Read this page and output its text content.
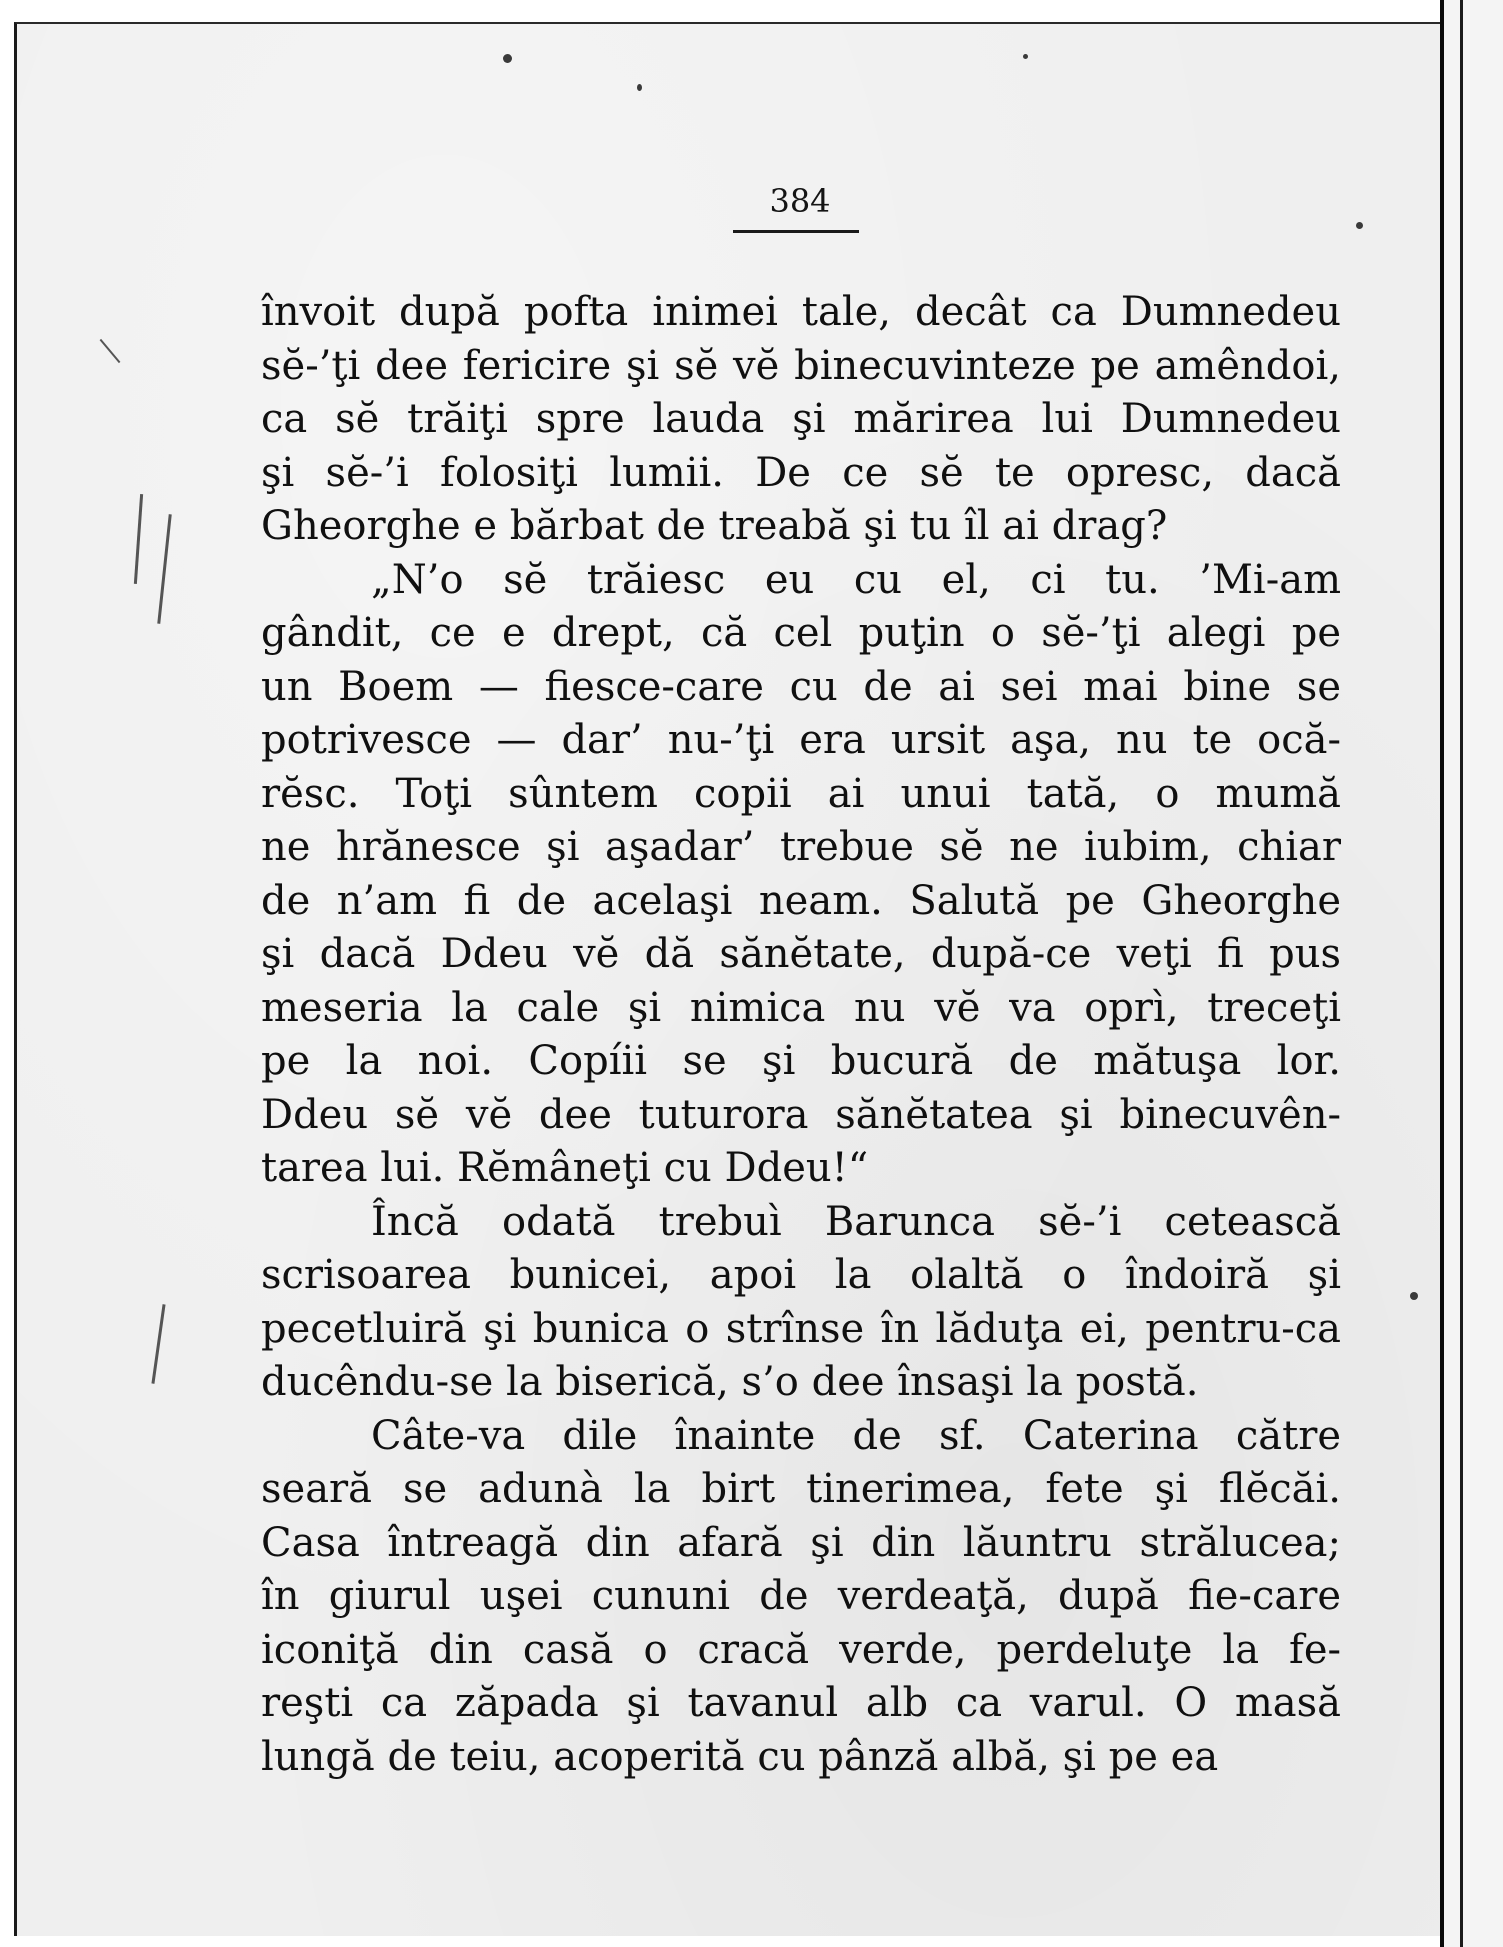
384
învoit după pofta inimei tale, decât ca Dumnedeu
sĕ-’ţi dee fericire şi sĕ vĕ binecuvinteze pe amêndoi,
ca sĕ trăiţi spre lauda şi mărirea lui Dumnedeu
şi sĕ-’i folosiţi lumii. De ce sĕ te opresc, dacă
Gheorghe e bărbat de treabă şi tu îl ai drag?
„N’o sĕ trăiesc eu cu el, ci tu. ’Mi-am
gândit, ce e drept, că cel puţin o sĕ-’ţi alegi pe
un Boem — fiesce-care cu de ai sei mai bine se
potrivesce — dar’ nu-’ţi era ursit aşa, nu te ocă-
rĕsc. Toţi sûntem copii ai unui tată, o mumă
ne hrănesce şi aşadar’ trebue sĕ ne iubim, chiar
de n’am fi de acelaşi neam. Salută pe Gheorghe
şi dacă Ddeu vĕ dă sănĕtate, după-ce veţi fi pus
meseria la cale şi nimica nu vĕ va oprì, treceţi
pe la noi. Copíii se şi bucură de mătuşa lor.
Ddeu sĕ vĕ dee tuturora sănĕtatea şi binecuvên-
tarea lui. Rĕmâneţi cu Ddeu!“
Încă odată trebuì Barunca sĕ-’i cetească
scrisoarea bunicei, apoi la olaltă o îndoiră şi
pecetluiră şi bunica o strînse în lăduţa ei, pentru-ca
ducêndu-se la biserică, s’o dee însaşi la postă.
Câte-va dile înainte de sf. Caterina către
seară se adunà la birt tinerimea, fete şi flĕcăi.
Casa întreagă din afară şi din lăuntru strălucea;
în giurul uşei cununi de verdeaţă, după fie-care
iconiţă din casă o cracă verde, perdeluţe la fe-
reşti ca zăpada şi tavanul alb ca varul. O masă
lungă de teiu, acoperită cu pânză albă, şi pe ea
